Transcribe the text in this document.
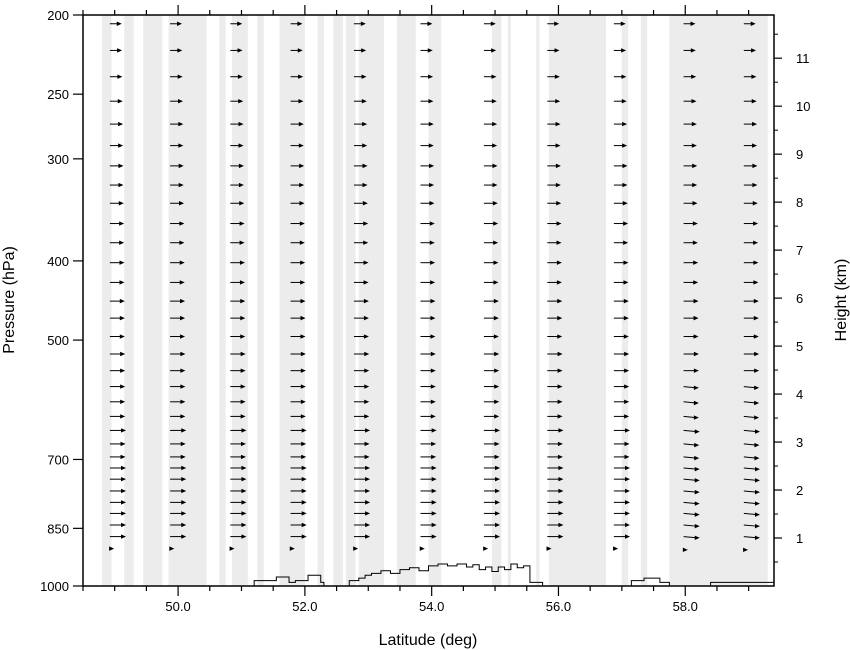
50.0	52.0	54.0	56.0	58.0
1000
850
700
500
400
300
250
200
1
2
3
4
5
6
7
8
9
10
11
Latitude (deg)
Pressure (hPa)	Height (km)
